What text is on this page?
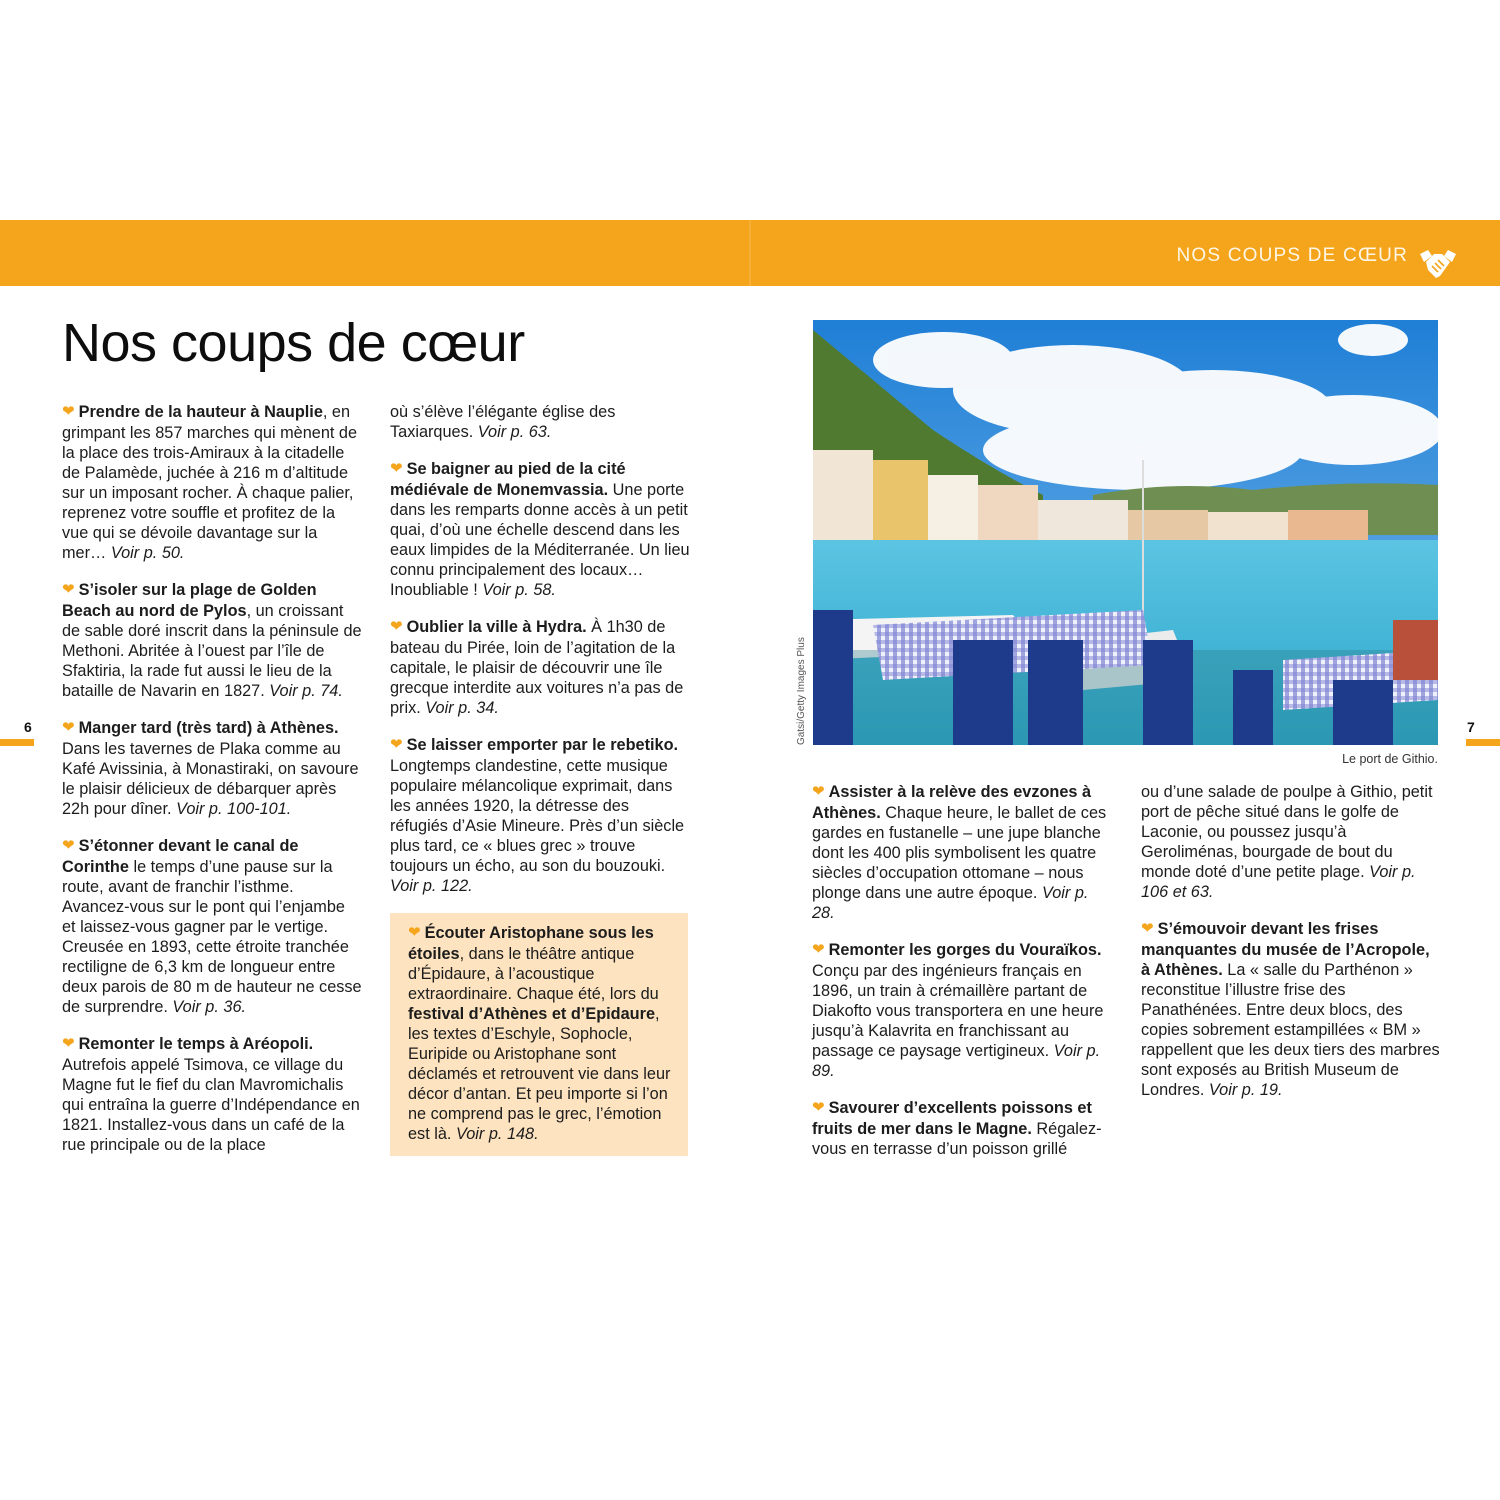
NOS COUPS DE CŒUR
Nos coups de cœur

❤ Prendre de la hauteur à Nauplie, en grimpant les 857 marches qui mènent de la place des trois-Amiraux à la citadelle de Palamède, juchée à 216 m d’altitude sur un imposant rocher. À chaque palier, reprenez votre souffle et profitez de la vue qui se dévoile davantage sur la mer… Voir p. 50.

❤ S’isoler sur la plage de Golden Beach au nord de Pylos, un croissant de sable doré inscrit dans la péninsule de Methoni. Abritée à l’ouest par l’île de Sfaktiria, la rade fut aussi le lieu de la bataille de Navarin en 1827. Voir p. 74.

❤ Manger tard (très tard) à Athènes. Dans les tavernes de Plaka comme au Kafé Avissinia, à Monastiraki, on savoure le plaisir délicieux de débarquer après 22h pour dîner. Voir p. 100-101.

❤ S’étonner devant le canal de Corinthe le temps d’une pause sur la route, avant de franchir l’isthme. Avancez-vous sur le pont qui l’enjambe et laissez-vous gagner par le vertige. Creusée en 1893, cette étroite tranchée rectiligne de 6,3 km de longueur entre deux parois de 80 m de hauteur ne cesse de surprendre. Voir p. 36.

❤ Remonter le temps à Aréopoli. Autrefois appelé Tsimova, ce village du Magne fut le fief du clan Mavromichalis qui entraîna la guerre d’Indépendance en 1821. Installez-vous dans un café de la rue principale ou de la place

où s’élève l’élégante église des Taxiarques. Voir p. 63.

❤ Se baigner au pied de la cité médiévale de Monemvassia. Une porte dans les remparts donne accès à un petit quai, d’où une échelle descend dans les eaux limpides de la Méditerranée. Un lieu connu principalement des locaux… Inoubliable ! Voir p. 58.

❤ Oublier la ville à Hydra. À 1h30 de bateau du Pirée, loin de l’agitation de la capitale, le plaisir de découvrir une île grecque interdite aux voitures n’a pas de prix. Voir p. 34.

❤ Se laisser emporter par le rebetiko. Longtemps clandestine, cette musique populaire mélancolique exprimait, dans les années 1920, la détresse des réfugiés d’Asie Mineure. Près d’un siècle plus tard, ce « blues grec » trouve toujours un écho, au son du bouzouki. Voir p. 122.

❤ Écouter Aristophane sous les étoiles, dans le théâtre antique d’Épidaure, à l’acoustique extraordinaire. Chaque été, lors du festival d’Athènes et d’Epidaure, les textes d’Eschyle, Sophocle, Euripide ou Aristophane sont déclamés et retrouvent vie dans leur décor d’antan. Et peu importe si l’on ne comprend pas le grec, l’émotion est là. Voir p. 148.
Gatsi/Getty Images Plus
Le port de Githio.

❤ Assister à la relève des evzones à Athènes. Chaque heure, le ballet de ces gardes en fustanelle – une jupe blanche dont les 400 plis symbolisent les quatre siècles d’occupation ottomane – nous plonge dans une autre époque. Voir p. 28.

❤ Remonter les gorges du Vouraïkos. Conçu par des ingénieurs français en 1896, un train à crémaillère partant de Diakofto vous transportera en une heure jusqu’à Kalavrita en franchissant au passage ce paysage vertigineux. Voir p. 89.

❤ Savourer d’excellents poissons et fruits de mer dans le Magne. Régalez-vous en terrasse d’un poisson grillé

ou d’une salade de poulpe à Githio, petit port de pêche situé dans le golfe de Laconie, ou poussez jusqu’à Geroliménas, bourgade de bout du monde doté d’une petite plage. Voir p. 106 et 63.

❤ S’émouvoir devant les frises manquantes du musée de l’Acropole, à Athènes. La « salle du Parthénon » reconstitue l’illustre frise des Panathénées. Entre deux blocs, des copies sobrement estampillées « BM » rappellent que les deux tiers des marbres sont exposés au British Museum de Londres. Voir p. 19.

6	7
